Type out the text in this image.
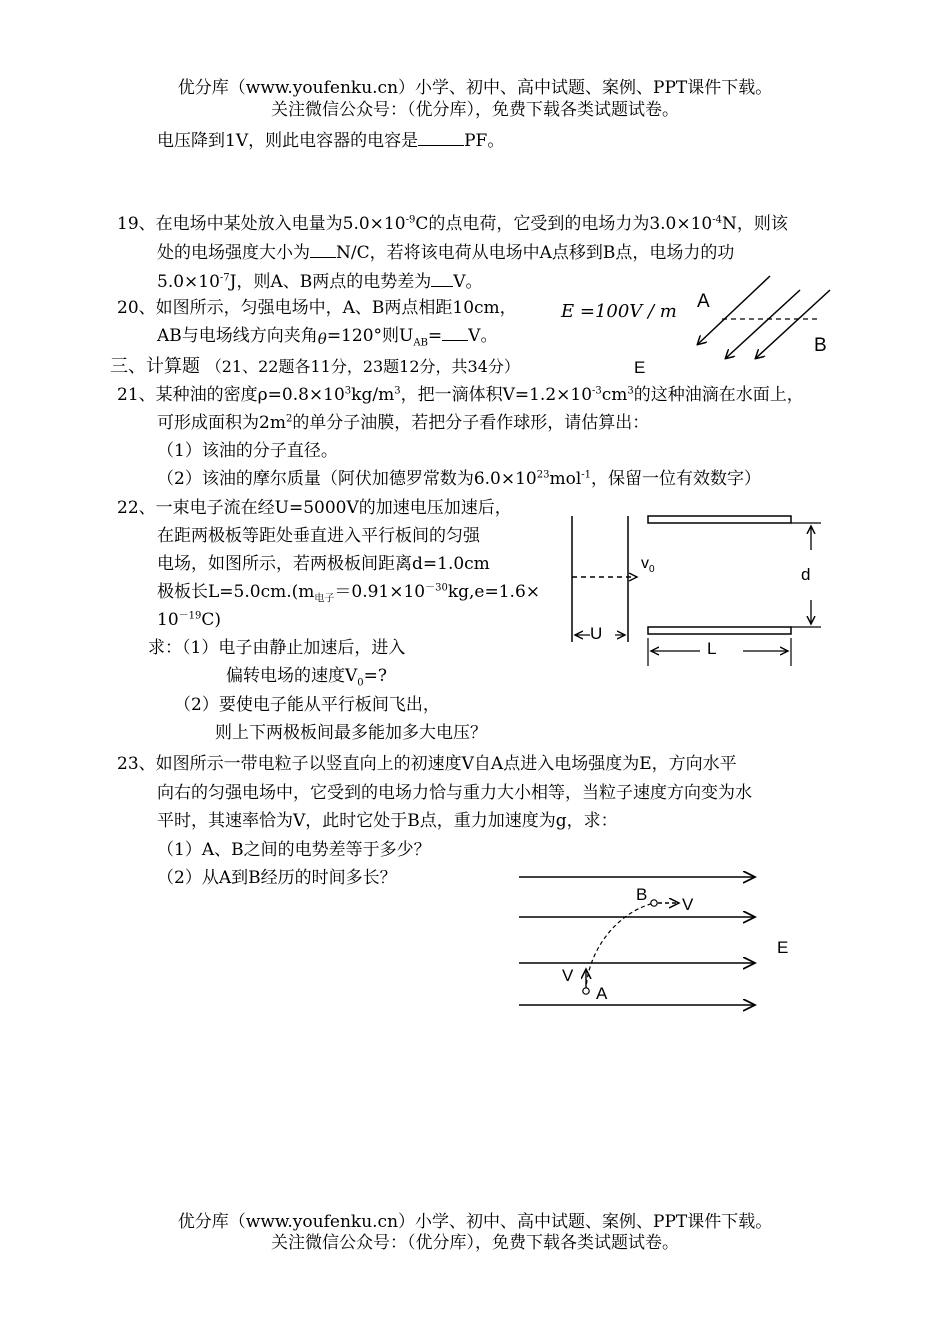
优分库（www.youfenku.cn）小学、初中、高中试题、案例、PPT课件下载。
关注微信公众号：（优分库），免费下载各类试题试卷。
电压降到1V，则此电容器的电容是	PF。
19、在电场中某处放入电量为$5.0\times 10^{-9}C$的点电荷，它受到的电场力为$3.0\times 10^{-4}N$，则该
处的电场强度大小为 N/C，若将该电荷从电场中A点移到B点，电场力的功
$5.0\times 10^{-7}J$，则A、B两点的电势差为 V。
20、如图所示，匀强电场中，A、B两点相距10cm， E =100V / m
AB与电场线方向夹角θ=120°则$U_{AB}= V$。
A
B
三、计算题 （21、22题各11分，23题12分，共34分）	E
21、某种油的密度$\rho=0.8\times 10^3kg/m^3$，把一滴体积$V=1.2\times 10^{-3}cm^3$的这种油滴在水面上，
可形成面积为$2m^2$的单分子油膜，若把分子看作球形，请估算出：
（1）该油的分子直径。
（2）该油的摩尔质量（阿伏加德罗常数为$6.0\times 10^{23}mol^{-1}$，保留一位有效数字）
22、一束电子流在经U=5000V的加速电压加速后，
在距两极板等距处垂直进入平行板间的匀强
电场，如图所示，若两极板间距离d=1.0cm
极板长$L=5.0cm.(m_{电子}=0.91\times 10^{-30}kg,e=1.6\times$
$10^{-19}C$)
求：（1）电子由静止加速后，进入
偏转电场的速度$V_0=$?
（2）要使电子能从平行板间飞出，
则上下两极板间最多能加多大电压？
$v_0$	d
U
L
23、如图所示一带电粒子以竖直向上的初速度V自A点进入电场强度为E，方向水平
向右的匀强电场中，它受到的电场力恰与重力大小相等，当粒子速度方向变为水
平时，其速率恰为V，此时它处于B点，重力加速度为g，求：
（1）A、B之间的电势差等于多少？
（2）从A到B经历的时间多长？
B
V
E
V
A
优分库（www.youfenku.cn）小学、初中、高中试题、案例、PPT课件下载。
关注微信公众号：（优分库），免费下载各类试题试卷。
